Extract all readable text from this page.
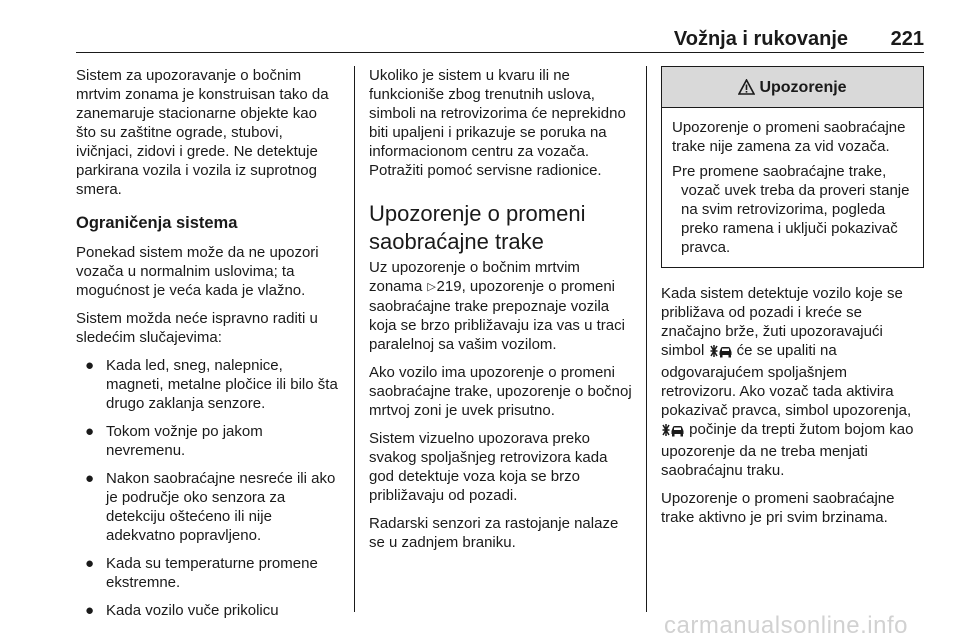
Vožnja i rukovanje 221

Sistem za upozoravanje o bočnim mrtvim zonama je konstruisan tako da zanemaruje stacionarne objekte kao što su zaštitne ograde, stubovi, ivičnjaci, zidovi i grede. Ne detektuje parkirana vozila i vozila iz suprotnog smera.

Ograničenja sistema

Ponekad sistem može da ne upozori vozača u normalnim uslovima; ta mogućnost je veća kada je vlažno.

Sistem možda neće ispravno raditi u sledećim slučajevima:

● Kada led, sneg, nalepnice, magneti, metalne pločice ili bilo šta drugo zaklanja senzore.
● Tokom vožnje po jakom nevremenu.
● Nakon saobraćajne nesreće ili ako je područje oko senzora za detekciju oštećeno ili nije adekvatno popravljeno.
● Kada su temperaturne promene ekstremne.
● Kada vozilo vuče prikolicu

Ukoliko je sistem u kvaru ili ne funkcioniše zbog trenutnih uslova, simboli na retrovizorima će neprekidno biti upaljeni i prikazuje se poruka na informacionom centru za vozača. Potražiti pomoć servisne radionice.

Upozorenje o promeni saobraćajne trake

Uz upozorenje o bočnim mrtvim zonama ▷219, upozorenje o promeni saobraćajne trake prepoznaje vozila koja se brzo približavaju iza vas u traci paralelnoj sa vašim vozilom.

Ako vozilo ima upozorenje o promeni saobraćajne trake, upozorenje o bočnoj mrtvoj zoni je uvek prisutno.

Sistem vizuelno upozorava preko svakog spoljašnjeg retrovizora kada god detektuje voza koja se brzo približavaju od pozadi.

Radarski senzori za rastojanje nalaze se u zadnjem braniku.

Upozorenje

Upozorenje o promeni saobraćajne trake nije zamena za vid vozača.

Pre promene saobraćajne trake, vozač uvek treba da proveri stanje na svim retrovizorima, pogleda preko ramena i uključi pokazivač pravca.

Kada sistem detektuje vozilo koje se približava od pozadi i kreće se značajno brže, žuti upozoravajući simbol  će se upaliti na odgovarajućem spoljašnjem retrovizoru. Ako vozač tada aktivira pokazivač pravca, simbol upozorenja,  počinje da trepti žutom bojom kao upozorenje da ne treba menjati saobraćajnu traku.

Upozorenje o promeni saobraćajne trake aktivno je pri svim brzinama.

carmanualsonline.info
